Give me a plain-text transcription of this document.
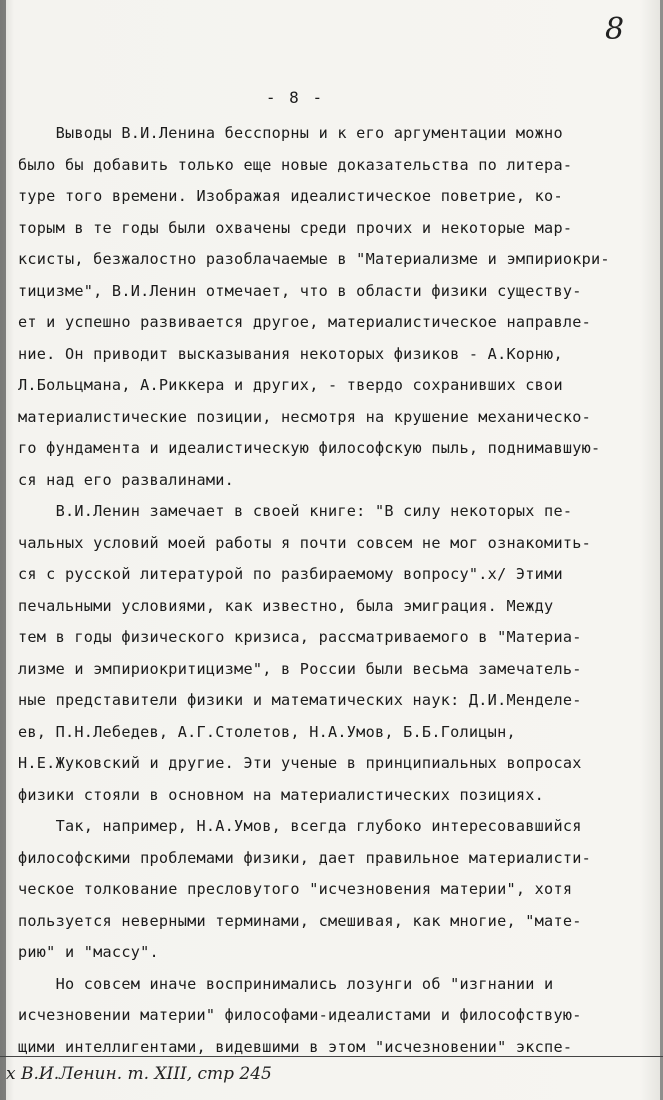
8
- 8 -
Выводы В.И.Ленина бесспорны и к его аргументации можно
было бы добавить только еще новые доказательства по литера-
туре того времени. Изображая идеалистическое поветрие, ко-
торым в те годы были охвачены среди прочих и некоторые мар-
ксисты, безжалостно разоблачаемые в "Материализме и эмпириокри-
тицизме", В.И.Ленин отмечает, что в области физики существу-
ет и успешно развивается другое, материалистическое направле-
ние. Он приводит высказывания некоторых физиков - А.Корню,
Л.Больцмана, А.Риккера и других, - твердо сохранивших свои
материалистические позиции, несмотря на крушение механическо-
го фундамента и идеалистическую философскую пыль, поднимавшую-
ся над его развалинами.
В.И.Ленин замечает в своей книге: "В силу некоторых пе-
чальных условий моей работы я почти совсем не мог ознакомить-
ся с русской литературой по разбираемому вопросу".х/ Этими
печальными условиями, как известно, была эмиграция. Между
тем в годы физического кризиса, рассматриваемого в "Материа-
лизме и эмпириокритицизме", в России были весьма замечатель-
ные представители физики и математических наук: Д.И.Менделе-
ев, П.Н.Лебедев, А.Г.Столетов, Н.А.Умов, Б.Б.Голицын,
Н.Е.Жуковский и другие. Эти ученые в принципиальных вопросах
физики стояли в основном на материалистических позициях.
Так, например, Н.А.Умов, всегда глубоко интересовавшийся
философскими проблемами физики, дает правильное материалисти-
ческое толкование пресловутого "исчезновения материи", хотя
пользуется неверными терминами, смешивая, как многие, "мате-
рию" и "массу".
Но совсем иначе воспринимались лозунги об "изгнании и
исчезновении материи" философами-идеалистами и философствую-
щими интеллигентами, видевшими в этом "исчезновении" экспе-
х В.И.Ленин. т. XIII, стр 245
